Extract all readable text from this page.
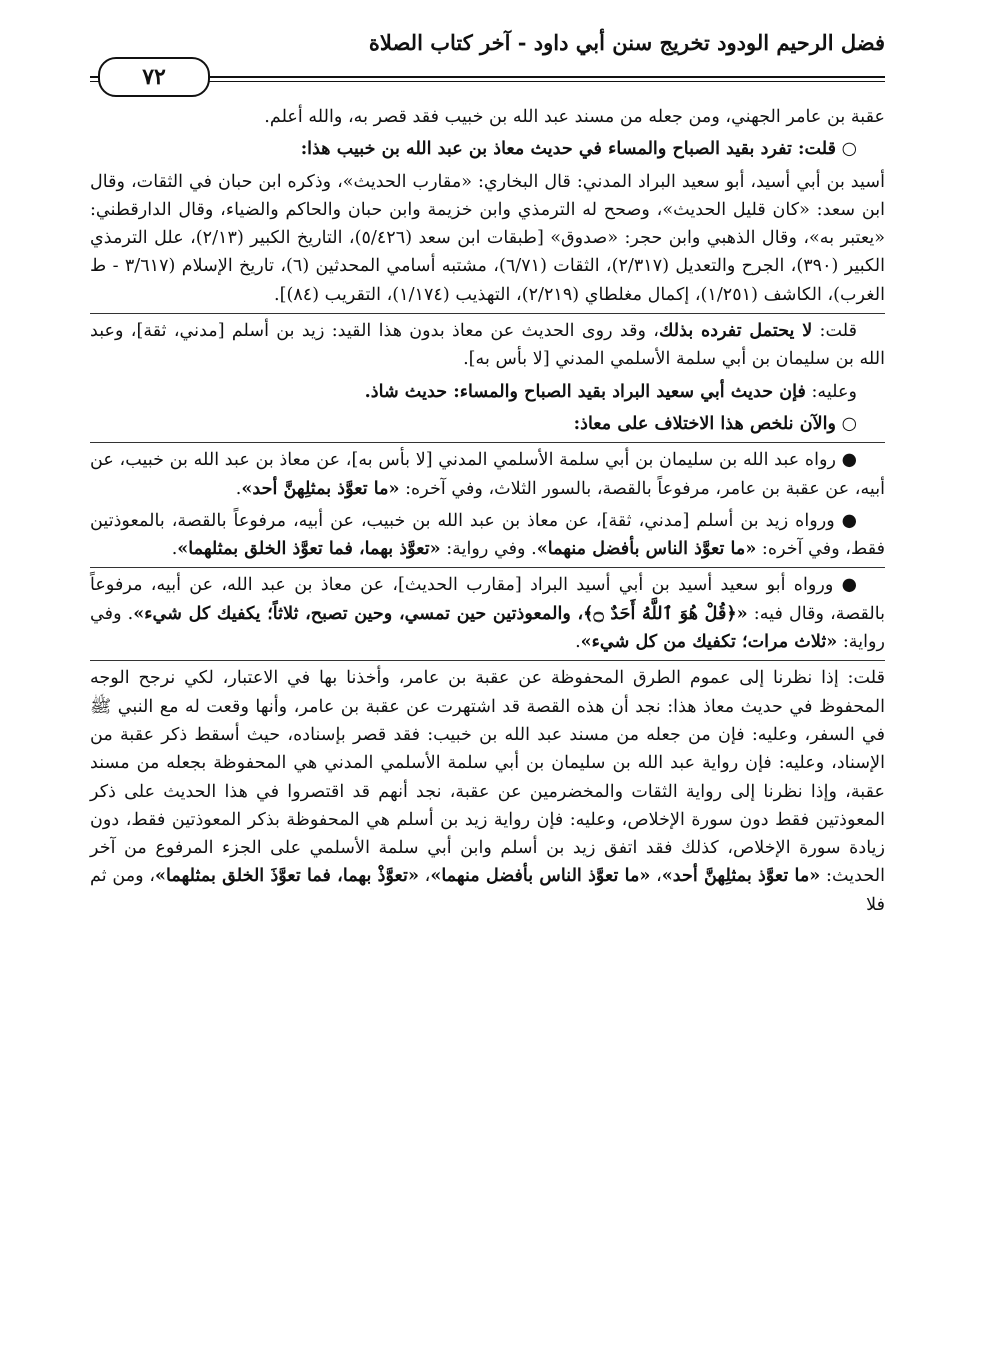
فضل الرحيم الودود تخريج سنن أبي داود - آخر كتاب الصلاة
٧٢

عقبة بن عامر الجهني، ومن جعله من مسند عبد الله بن خبيب فقد قصر به، والله أعلم.

○ قلت: تفرد بقيد الصباح والمساء في حديث معاذ بن عبد الله بن خبيب هذا:

أسيد بن أبي أسيد، أبو سعيد البراد المدني: قال البخاري: «مقارب الحديث»، وذكره ابن حبان في الثقات، وقال ابن سعد: «كان قليل الحديث»، وصحح له الترمذي وابن خزيمة وابن حبان والحاكم والضياء، وقال الدارقطني: «يعتبر به»، وقال الذهبي وابن حجر: «صدوق» [طبقات ابن سعد (٥/٤٢٦)، التاريخ الكبير (٢/١٣)، علل الترمذي الكبير (٣٩٠)، الجرح والتعديل (٢/٣١٧)، الثقات (٦/٧١)، مشتبه أسامي المحدثين (٦)، تاريخ الإسلام (٣/٦١٧ - ط الغرب)، الكاشف (١/٢٥١)، إكمال مغلطاي (٢/٢١٩)، التهذيب (١/١٧٤)، التقريب (٨٤)].

قلت: لا يحتمل تفرده بذلك، وقد روى الحديث عن معاذ بدون هذا القيد: زيد بن أسلم [مدني، ثقة]، وعبد الله بن سليمان بن أبي سلمة الأسلمي المدني [لا بأس به].

وعليه: فإن حديث أبي سعيد البراد بقيد الصباح والمساء: حديث شاذ.

○ والآن نلخص هذا الاختلاف على معاذ:

● رواه عبد الله بن سليمان بن أبي سلمة الأسلمي المدني [لا بأس به]، عن معاذ بن عبد الله بن خبيب، عن أبيه، عن عقبة بن عامر، مرفوعاً بالقصة، بالسور الثلاث، وفي آخره: «ما تعوَّذ بمثلِهنَّ أحد».

● ورواه زيد بن أسلم [مدني، ثقة]، عن معاذ بن عبد الله بن خبيب، عن أبيه، مرفوعاً بالقصة، بالمعوذتين فقط، وفي آخره: «ما تعوَّذ الناس بأفضل منهما». وفي رواية: «تعوَّذ بهما، فما تعوَّذ الخلق بمثلهما».

● ورواه أبو سعيد أسيد بن أبي أسيد البراد [مقارب الحديث]، عن معاذ بن عبد الله، عن أبيه، مرفوعاً بالقصة، وقال فيه: «﴿قُلْ هُوَ ٱللَّهُ أَحَدٌ ۝﴾، والمعوذتين حين تمسي، وحين تصبح، ثلاثاً؛ يكفيك كل شيء». وفي رواية: «ثلاث مرات؛ تكفيك من كل شيء».

قلت: إذا نظرنا إلى عموم الطرق المحفوظة عن عقبة بن عامر، وأخذنا بها في الاعتبار، لكي نرجح الوجه المحفوظ في حديث معاذ هذا: نجد أن هذه القصة قد اشتهرت عن عقبة بن عامر، وأنها وقعت له مع النبي ﷺ في السفر، وعليه: فإن من جعله من مسند عبد الله بن خبيب: فقد قصر بإسناده، حيث أسقط ذكر عقبة من الإسناد، وعليه: فإن رواية عبد الله بن سليمان بن أبي سلمة الأسلمي المدني هي المحفوظة بجعله من مسند عقبة، وإذا نظرنا إلى رواية الثقات والمخضرمين عن عقبة، نجد أنهم قد اقتصروا في هذا الحديث على ذكر المعوذتين فقط دون سورة الإخلاص، وعليه: فإن رواية زيد بن أسلم هي المحفوظة بذكر المعوذتين فقط، دون زيادة سورة الإخلاص، كذلك فقد اتفق زيد بن أسلم وابن أبي سلمة الأسلمي على الجزء المرفوع من آخر الحديث: «ما تعوَّذ بمثلِهنَّ أحد»، «ما تعوَّذ الناس بأفضل منهما»، «تعوَّذْ بهما، فما تعوَّذَ الخلق بمثلهما»، ومن ثم فلا
